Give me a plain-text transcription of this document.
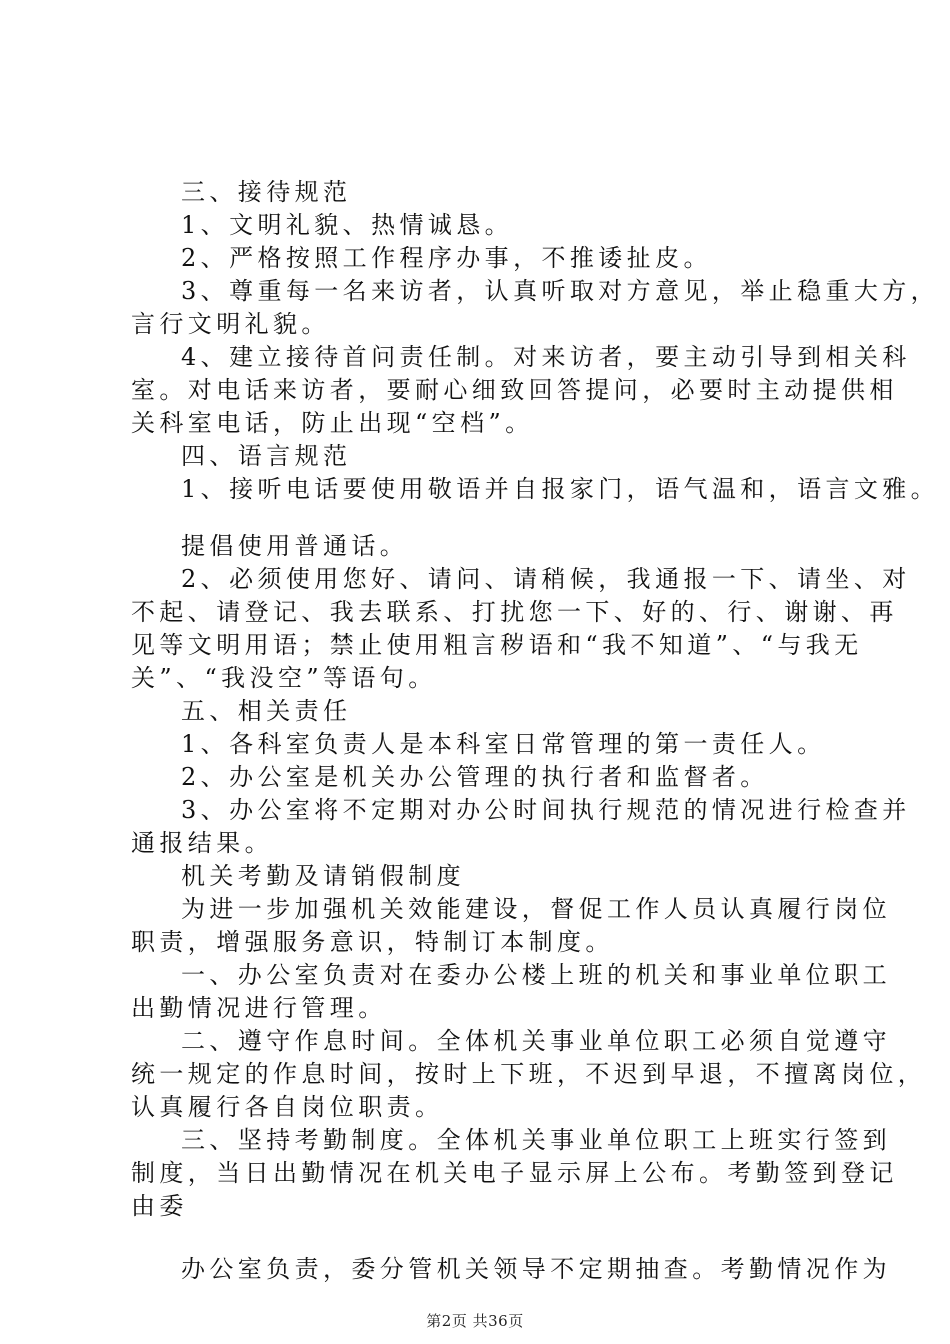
三、接待规范
1、文明礼貌、热情诚恳。
2、严格按照工作程序办事，不推诿扯皮。
3、尊重每一名来访者，认真听取对方意见，举止稳重大方，
言行文明礼貌。
4、建立接待首问责任制。对来访者，要主动引导到相关科
室。对电话来访者，要耐心细致回答提问，必要时主动提供相
关科室电话，防止出现“空档”。
四、语言规范
1、接听电话要使用敬语并自报家门，语气温和，语言文雅。
提倡使用普通话。
2、必须使用您好、请问、请稍候，我通报一下、请坐、对
不起、请登记、我去联系、打扰您一下、好的、行、谢谢、再
见等文明用语；禁止使用粗言秽语和“我不知道”、“与我无
关”、“我没空”等语句。
五、相关责任
1、各科室负责人是本科室日常管理的第一责任人。
2、办公室是机关办公管理的执行者和监督者。
3、办公室将不定期对办公时间执行规范的情况进行检查并
通报结果。
机关考勤及请销假制度
为进一步加强机关效能建设，督促工作人员认真履行岗位
职责，增强服务意识，特制订本制度。
一、办公室负责对在委办公楼上班的机关和事业单位职工
出勤情况进行管理。
二、遵守作息时间。全体机关事业单位职工必须自觉遵守
统一规定的作息时间，按时上下班，不迟到早退，不擅离岗位，
认真履行各自岗位职责。
三、坚持考勤制度。全体机关事业单位职工上班实行签到
制度，当日出勤情况在机关电子显示屏上公布。考勤签到登记
由委
办公室负责，委分管机关领导不定期抽查。考勤情况作为
第2页 共36页
